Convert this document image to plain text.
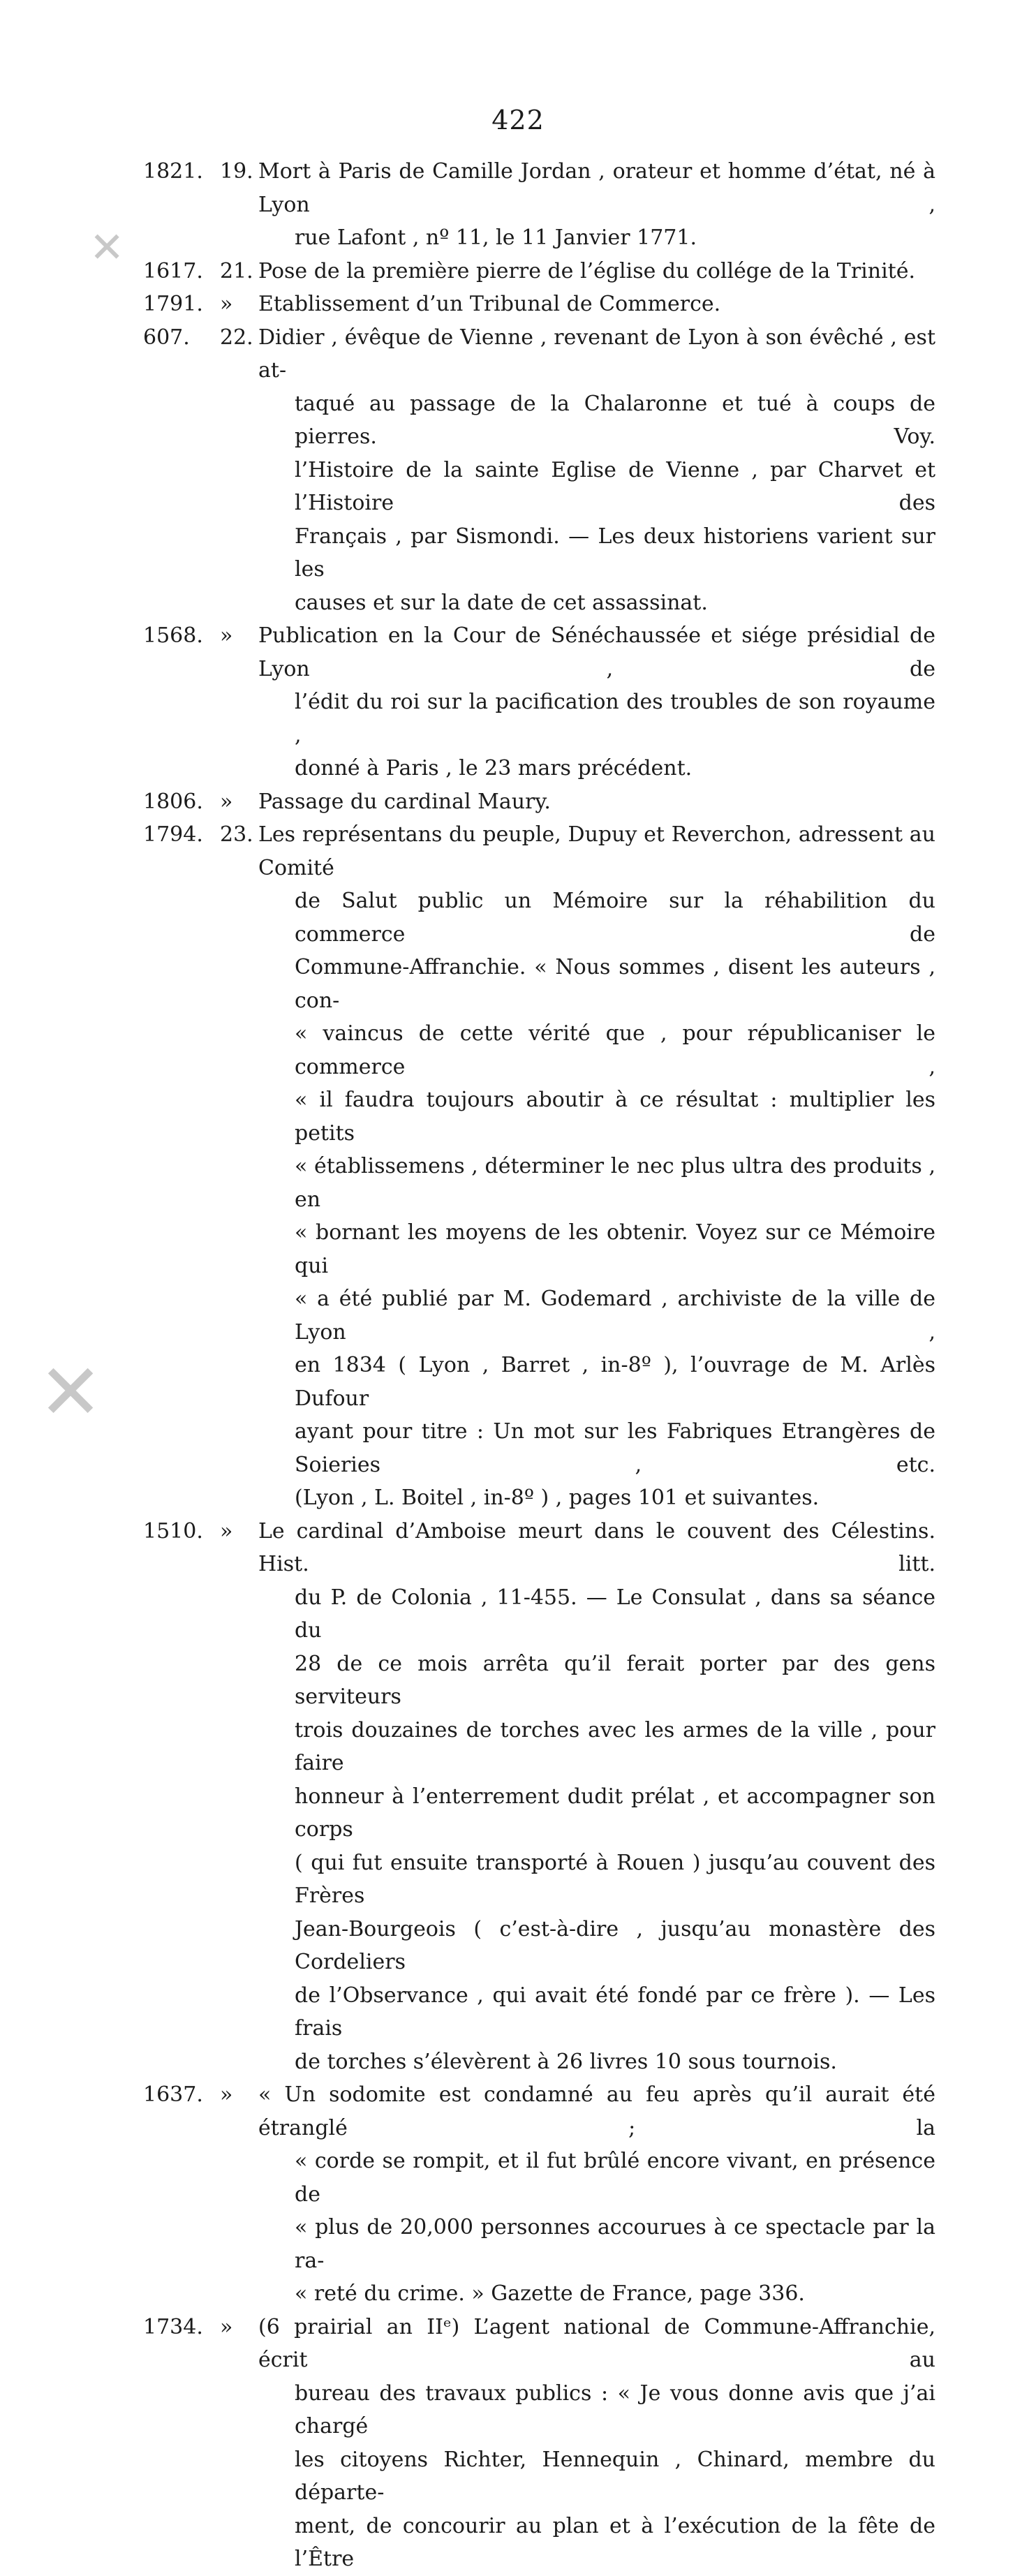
✕
✕
422
1821. 19. Mort à Paris de Camille Jordan , orateur et homme d’état, né à Lyon ,
rue Lafont , nº 11, le 11 Janvier 1771.
1617. 21. Pose de la première pierre de l’église du collége de la Trinité.
1791. » Etablissement d’un Tribunal de Commerce.
607. 22. Didier , évêque de Vienne , revenant de Lyon à son évêché , est at-
taqué au passage de la Chalaronne et tué à coups de pierres. Voy.
l’Histoire de la sainte Eglise de Vienne , par Charvet et l’Histoire des
Français , par Sismondi. — Les deux historiens varient sur les
causes et sur la date de cet assassinat.
1568. » Publication en la Cour de Sénéchaussée et siége présidial de Lyon , de
l’édit du roi sur la pacification des troubles de son royaume ,
donné à Paris , le 23 mars précédent.
1806. » Passage du cardinal Maury.
1794. 23. Les représentans du peuple, Dupuy et Reverchon, adressent au Comité
de Salut public un Mémoire sur la réhabilition du commerce de
Commune-Affranchie. « Nous sommes , disent les auteurs , con-
« vaincus de cette vérité que , pour républicaniser le commerce ,
« il faudra toujours aboutir à ce résultat : multiplier les petits
« établissemens , déterminer le nec plus ultra des produits , en
« bornant les moyens de les obtenir. Voyez sur ce Mémoire qui
« a été publié par M. Godemard , archiviste de la ville de Lyon ,
en 1834 ( Lyon , Barret , in-8º ), l’ouvrage de M. Arlès Dufour
ayant pour titre : Un mot sur les Fabriques Etrangères de Soieries , etc.
(Lyon , L. Boitel , in-8º ) , pages 101 et suivantes.
1510. » Le cardinal d’Amboise meurt dans le couvent des Célestins. Hist. litt.
du P. de Colonia , 11-455. — Le Consulat , dans sa séance du
28 de ce mois arrêta qu’il ferait porter par des gens serviteurs
trois douzaines de torches avec les armes de la ville , pour faire
honneur à l’enterrement dudit prélat , et accompagner son corps
( qui fut ensuite transporté à Rouen ) jusqu’au couvent des Frères
Jean-Bourgeois ( c’est-à-dire , jusqu’au monastère des Cordeliers
de l’Observance , qui avait été fondé par ce frère ). — Les frais
de torches s’élevèrent à 26 livres 10 sous tournois.
1637. » « Un sodomite est condamné au feu après qu’il aurait été étranglé ; la
« corde se rompit, et il fut brûlé encore vivant, en présence de
« plus de 20,000 personnes accourues à ce spectacle par la ra-
« reté du crime. » Gazette de France, page 336.
1734. » (6 prairial an IIᵉ) L’agent national de Commune-Affranchie, écrit au
bureau des travaux publics : « Je vous donne avis que j’ai chargé
les citoyens Richter, Hennequin , Chinard, membre du départe-
ment, de concourir au plan et à l’exécution de la fête de l’Être
